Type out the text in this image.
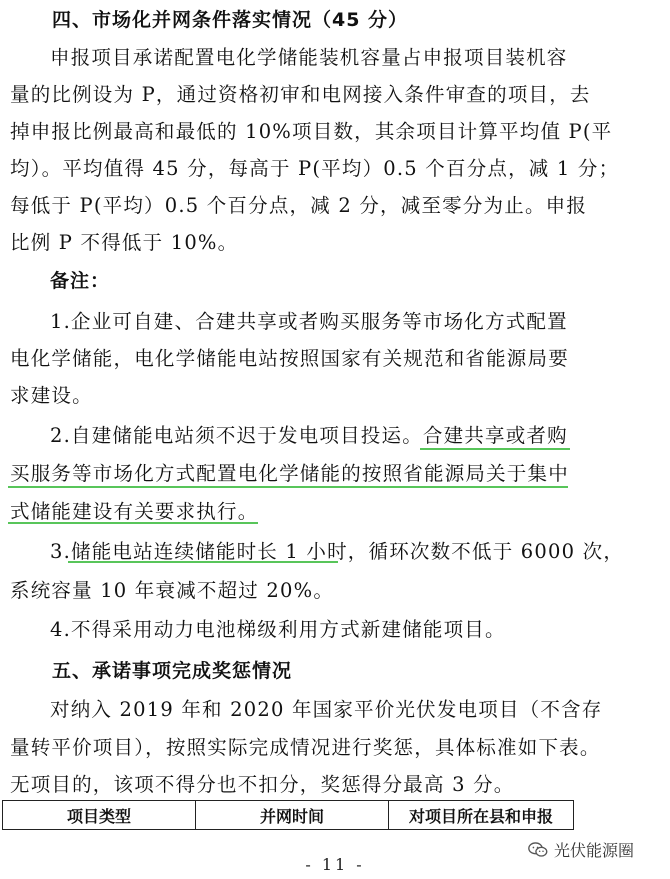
四、市场化并网条件落实情况（45 分）
申报项目承诺配置电化学储能装机容量占申报项目装机容
量的比例设为 P，通过资格初审和电网接入条件审查的项目，去
掉申报比例最高和最低的 10%项目数，其余项目计算平均值 P(平
均）。平均值得 45 分，每高于 P(平均）0.5 个百分点，减 1 分；
每低于 P(平均）0.5 个百分点，减 2 分，减至零分为止。申报
比例 P 不得低于 10%。
备注：
1.企业可自建、合建共享或者购买服务等市场化方式配置
电化学储能，电化学储能电站按照国家有关规范和省能源局要
求建设。
2.自建储能电站须不迟于发电项目投运。合建共享或者购
买服务等市场化方式配置电化学储能的按照省能源局关于集中
式储能建设有关要求执行。
3.储能电站连续储能时长 1 小时，循环次数不低于 6000 次，
系统容量 10 年衰减不超过 20%。
4.不得采用动力电池梯级利用方式新建储能项目。
五、承诺事项完成奖惩情况
对纳入 2019 年和 2020 年国家平价光伏发电项目（不含存
量转平价项目），按照实际完成情况进行奖惩，具体标准如下表。
无项目的，该项不得分也不扣分，奖惩得分最高 3 分。
项目类型	并网时间	对项目所在县和申报
光伏能源圈
- 11 -
